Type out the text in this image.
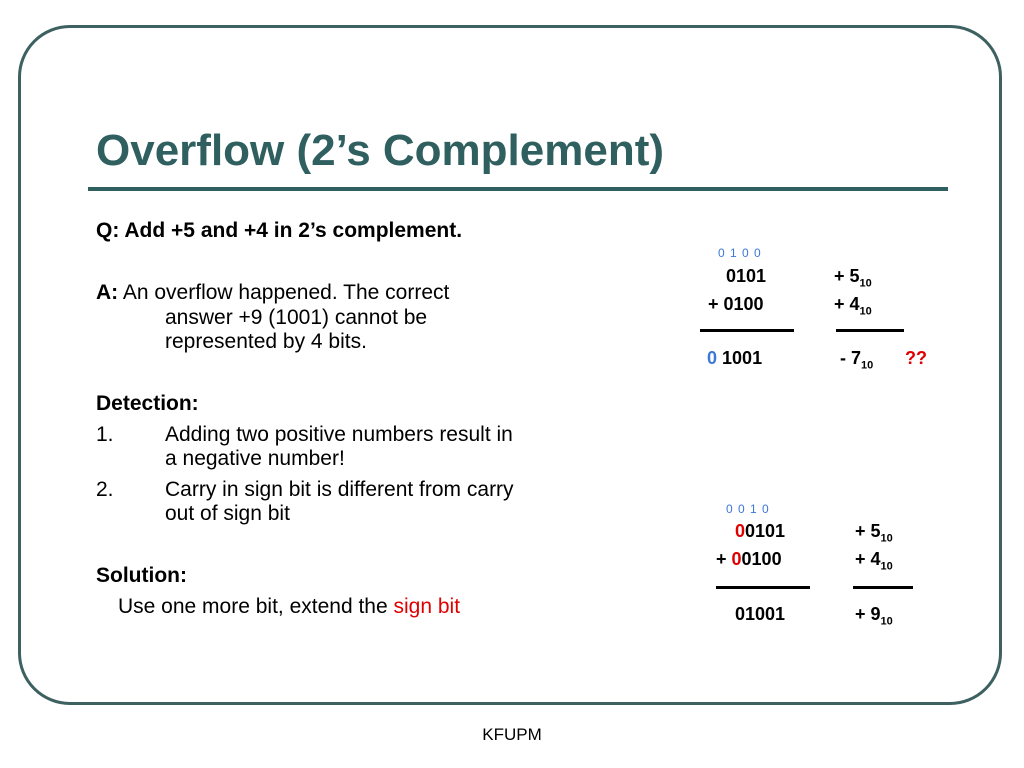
Overflow (2’s Complement)
Q: Add +5 and +4 in 2’s complement.
A: An overflow happened. The correct
answer +9 (1001) cannot be
represented by 4 bits.
Detection:
1. Adding two positive numbers result in
a negative number!
2. Carry in sign bit is different from carry
out of sign bit
Solution:
Use one more bit, extend the sign bit
0 1 0 0
0101
+ 0100
0 1001
+ $5_{10}$
+ $4_{10}$
- $7_{10}$ ??
0 0 1 0
00101
+ 00100
01001
+ $5_{10}$
+ $4_{10}$
+ $9_{10}$
KFUPM
